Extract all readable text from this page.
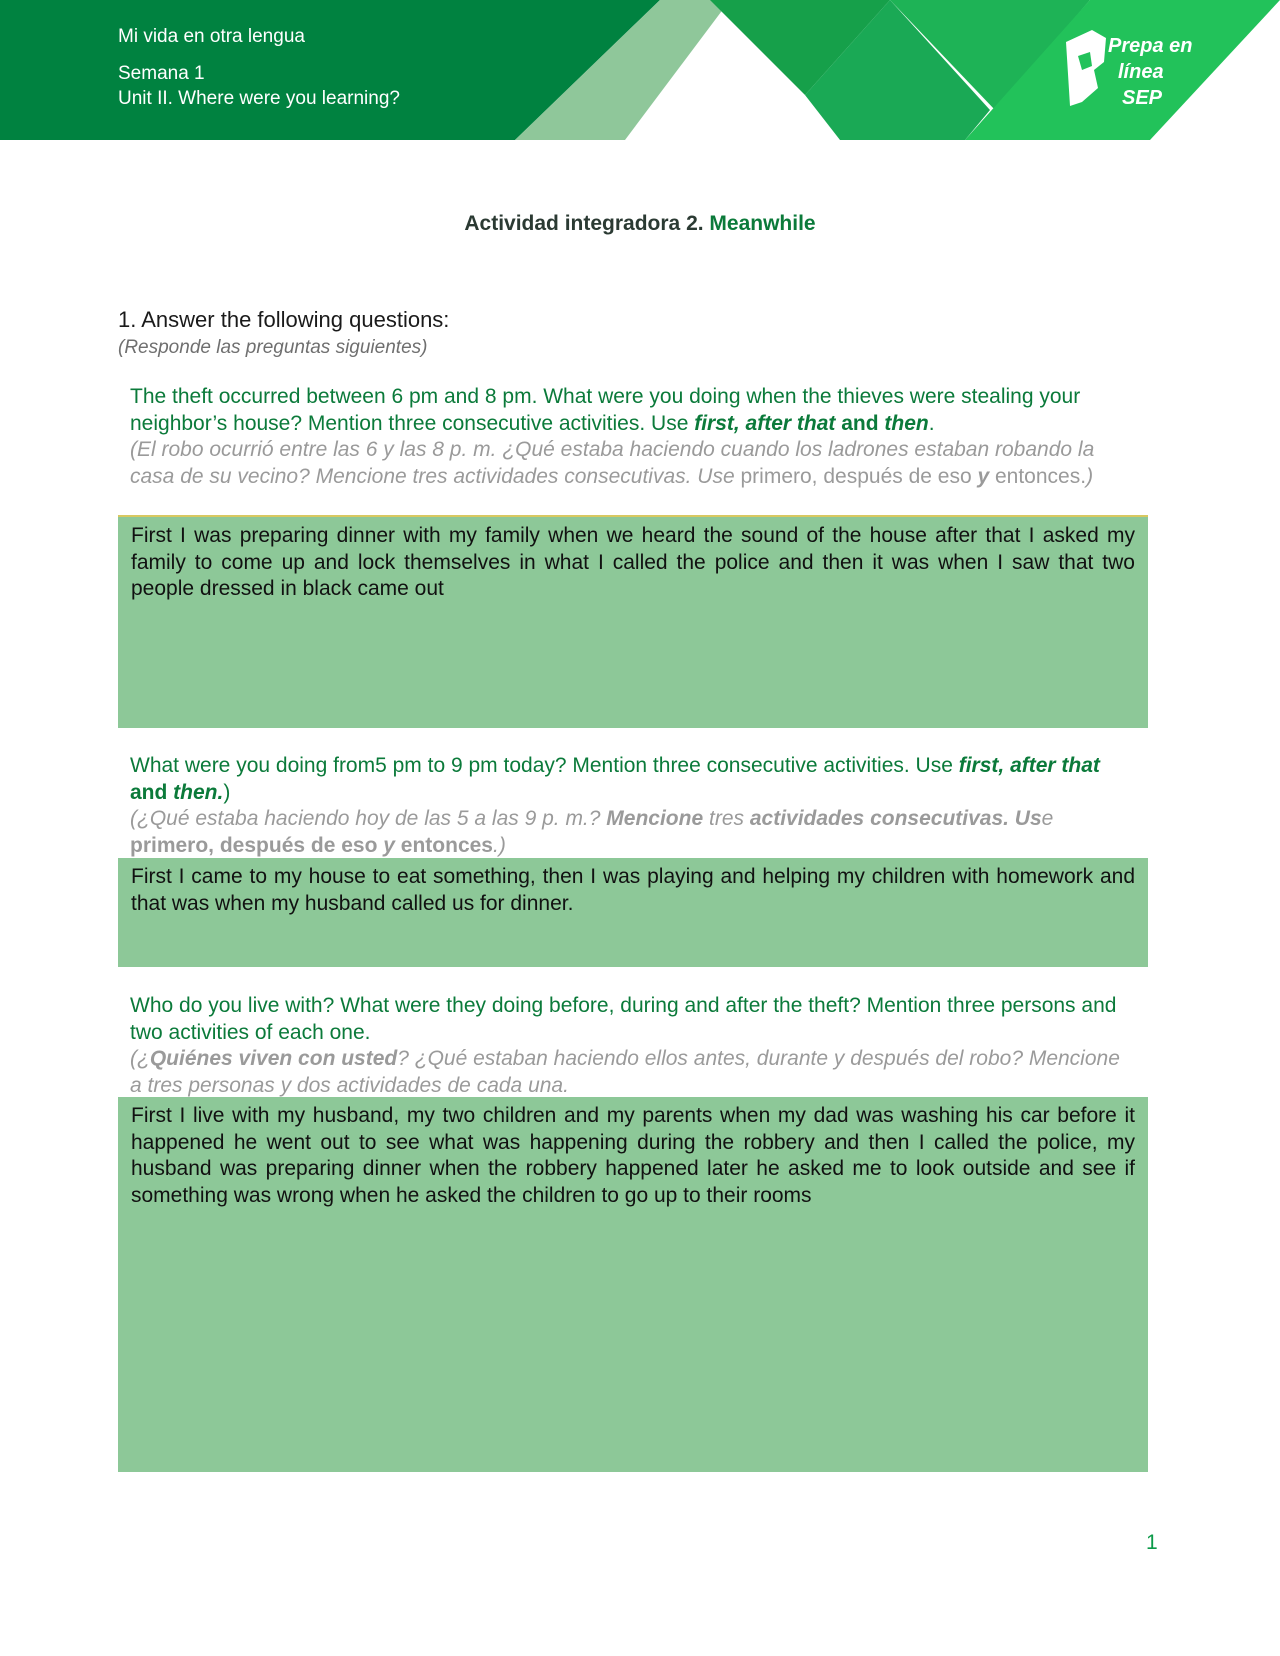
Mi vida en otra lengua
Semana 1
Unit II. Where were you learning?
Prepa en
línea
SEP
Actividad integradora 2. Meanwhile
1. Answer the following questions:
(Responde las preguntas siguientes)
The theft occurred between 6 pm and 8 pm. What were you doing when the thieves were stealing your neighbor’s house? Mention three consecutive activities. Use first, after that and then.
(El robo ocurrió entre las 6 y las 8 p. m. ¿Qué estaba haciendo cuando los ladrones estaban robando la casa de su vecino? Mencione tres actividades consecutivas. Use primero, después de eso y entonces.)
First I was preparing dinner with my family when we heard the sound of the house after that I asked my family to come up and lock themselves in what I called the police and then it was when I saw that two people dressed in black came out
What were you doing from5 pm to 9 pm today? Mention three consecutive activities. Use first, after that and then.)
(¿Qué estaba haciendo hoy de las 5 a las 9 p. m.? Mencione tres actividades consecutivas. Use primero, después de eso y entonces.)
First I came to my house to eat something, then I was playing and helping my children with homework and that was when my husband called us for dinner.
Who do you live with? What were they doing before, during and after the theft? Mention three persons and two activities of each one.
(¿Quiénes viven con usted? ¿Qué estaban haciendo ellos antes, durante y después del robo? Mencione a tres personas y dos actividades de cada una.
First I live with my husband, my two children and my parents when my dad was washing his car before it happened he went out to see what was happening during the robbery and then I called the police, my husband was preparing dinner when the robbery happened later he asked me to look outside and see if something was wrong when he asked the children to go up to their rooms
1
